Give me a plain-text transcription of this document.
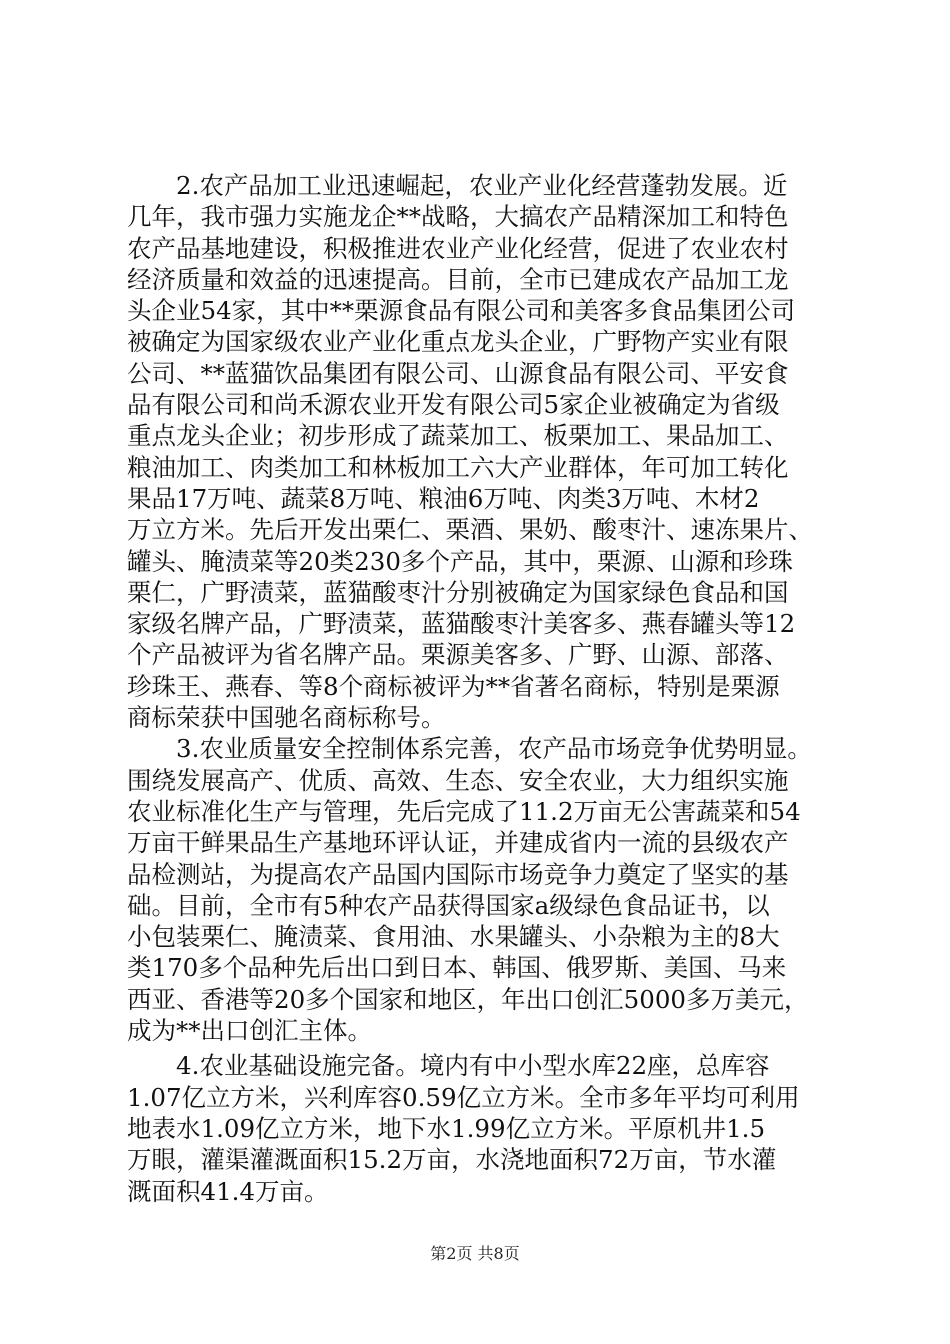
2.农产品加工业迅速崛起，农业产业化经营蓬勃发展。近
几年，我市强力实施龙企**战略，大搞农产品精深加工和特色
农产品基地建设，积极推进农业产业化经营，促进了农业农村
经济质量和效益的迅速提高。目前，全市已建成农产品加工龙
头企业54家，其中**栗源食品有限公司和美客多食品集团公司
被确定为国家级农业产业化重点龙头企业，广野物产实业有限
公司、**蓝猫饮品集团有限公司、山源食品有限公司、平安食
品有限公司和尚禾源农业开发有限公司5家企业被确定为省级
重点龙头企业；初步形成了蔬菜加工、板栗加工、果品加工、
粮油加工、肉类加工和林板加工六大产业群体，年可加工转化
果品17万吨、蔬菜8万吨、粮油6万吨、肉类3万吨、木材2
万立方米。先后开发出栗仁、栗酒、果奶、酸枣汁、速冻果片、
罐头、腌渍菜等20类230多个产品，其中，栗源、山源和珍珠
栗仁，广野渍菜，蓝猫酸枣汁分别被确定为国家绿色食品和国
家级名牌产品，广野渍菜，蓝猫酸枣汁美客多、燕春罐头等12
个产品被评为省名牌产品。栗源美客多、广野、山源、部落、
珍珠王、燕春、等8个商标被评为**省著名商标，特别是栗源
商标荣获中国驰名商标称号。
3.农业质量安全控制体系完善，农产品市场竞争优势明显。
围绕发展高产、优质、高效、生态、安全农业，大力组织实施
农业标准化生产与管理，先后完成了11.2万亩无公害蔬菜和54
万亩干鲜果品生产基地环评认证，并建成省内一流的县级农产
品检测站，为提高农产品国内国际市场竞争力奠定了坚实的基
础。目前，全市有5种农产品获得国家a级绿色食品证书，以
小包装栗仁、腌渍菜、食用油、水果罐头、小杂粮为主的8大
类170多个品种先后出口到日本、韩国、俄罗斯、美国、马来
西亚、香港等20多个国家和地区，年出口创汇5000多万美元，
成为**出口创汇主体。
4.农业基础设施完备。境内有中小型水库22座，总库容
1.07亿立方米，兴利库容0.59亿立方米。全市多年平均可利用
地表水1.09亿立方米，地下水1.99亿立方米。平原机井1.5
万眼，灌渠灌溉面积15.2万亩，水浇地面积72万亩，节水灌
溉面积41.4万亩。
第2页 共8页
